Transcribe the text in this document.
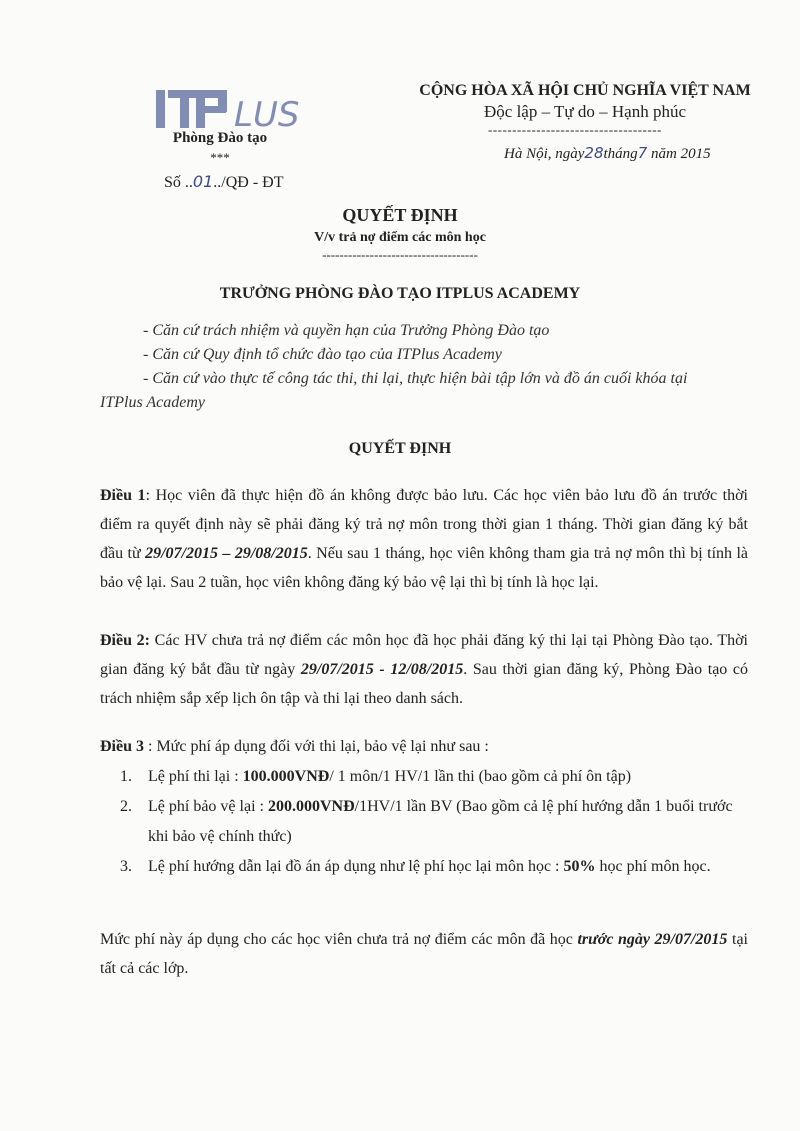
LUS
Phòng Đào tạo
***
Số ..01../QĐ - ĐT
CỘNG HÒA XÃ HỘI CHỦ NGHĨA VIỆT NAM
Độc lập – Tự do – Hạnh phúc
------------------------------------
Hà Nội, ngày28tháng7 năm 2015
QUYẾT ĐỊNH
V/v trả nợ điểm các môn học
------------------------------------
TRƯỞNG PHÒNG ĐÀO TẠO ITPLUS ACADEMY
- Căn cứ trách nhiệm và quyền hạn của Trưởng Phòng Đào tạo
- Căn cứ Quy định tổ chức đào tạo của ITPlus Academy
- Căn cứ vào thực tế công tác thi, thi lại, thực hiện bài tập lớn và đồ án cuối khóa tại
ITPlus Academy
QUYẾT ĐỊNH
Điều 1: Học viên đã thực hiện đồ án không được bảo lưu. Các học viên bảo lưu đồ án trước thời điểm ra quyết định này sẽ phải đăng ký trả nợ môn trong thời gian 1 tháng. Thời gian đăng ký bắt đầu từ 29/07/2015 – 29/08/2015. Nếu sau 1 tháng, học viên không tham gia trả nợ môn thì bị tính là bảo vệ lại. Sau 2 tuần, học viên không đăng ký bảo vệ lại thì bị tính là học lại.
Điều 2: Các HV chưa trả nợ điểm các môn học đã học phải đăng ký thi lại tại Phòng Đào tạo. Thời gian đăng ký bắt đầu từ ngày 29/07/2015 - 12/08/2015. Sau thời gian đăng ký, Phòng Đào tạo có trách nhiệm sắp xếp lịch ôn tập và thi lại theo danh sách.
Điều 3 : Mức phí áp dụng đối với thi lại, bảo vệ lại như sau :
1. Lệ phí thi lại : 100.000VNĐ/ 1 môn/1 HV/1 lần thi (bao gồm cả phí ôn tập)
2. Lệ phí bảo vệ lại : 200.000VNĐ/1HV/1 lần BV (Bao gồm cả lệ phí hướng dẫn 1 buổi trước khi bảo vệ chính thức)
3. Lệ phí hướng dẫn lại đồ án áp dụng như lệ phí học lại môn học : 50% học phí môn học.
Mức phí này áp dụng cho các học viên chưa trả nợ điểm các môn đã học trước ngày 29/07/2015 tại tất cả các lớp.
